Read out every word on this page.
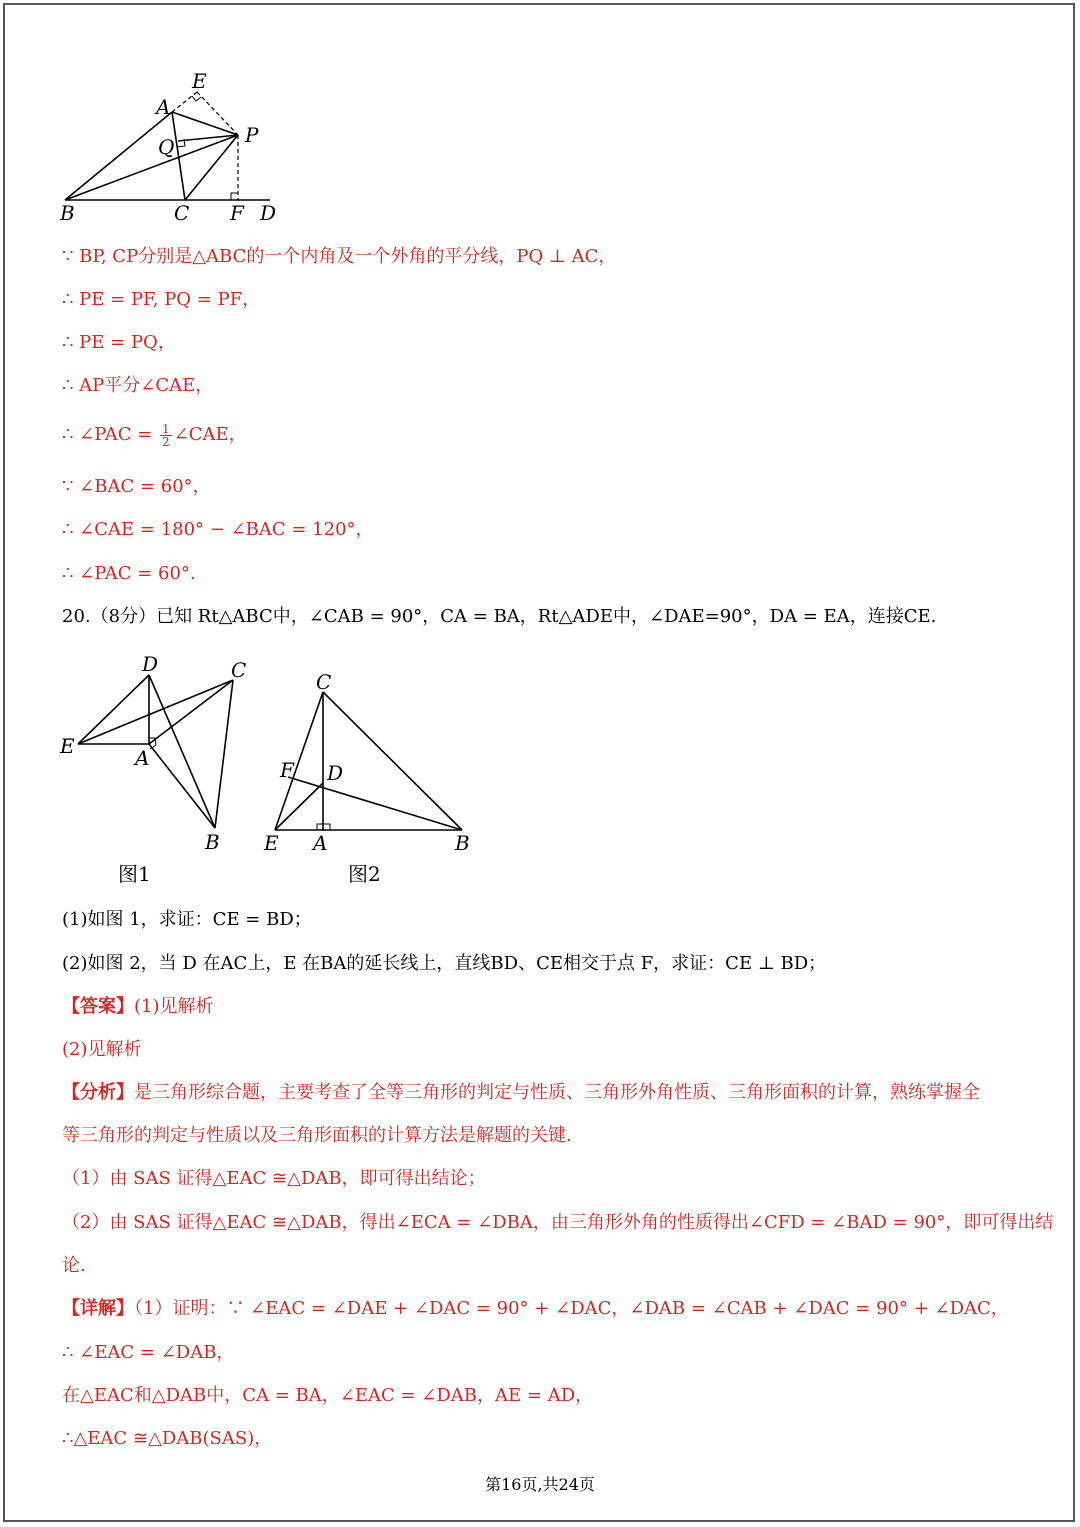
E
A
Q	P
B	C F D
∵ BP, CP分别是△ABC的一个内角及一个外角的平分线，PQ ⊥ AC，
∴ PE = PF, PQ = PF，
∴ PE = PQ，
∴ AP平分∠CAE，
∴ ∠PAC = $\frac{1}{2}$ ∠CAE，
∵ ∠BAC = 60°，
∴ ∠CAE = 180° − ∠BAC = 120°，
∴ ∠PAC = 60°.
20.（8分）已知 Rt△ABC中，∠CAB = 90°，CA = BA，Rt△ADE中，∠DAE=90°，DA = EA，连接CE.
D	C
E	A
B
图1
C
F D
E A	B
图2
(1)如图 1，求证：CE = BD；
(2)如图 2，当 D 在AC上，E 在BA的延长线上，直线BD、CE相交于点 F，求证：CE ⊥ BD；
【答案】(1)见解析
(2)见解析
【分析】是三角形综合题，主要考查了全等三角形的判定与性质、三角形外角性质、三角形面积的计算，熟练掌握全
等三角形的判定与性质以及三角形面积的计算方法是解题的关键.
（1）由 SAS 证得△EAC ≅△DAB，即可得出结论；
（2）由 SAS 证得△EAC ≅△DAB，得出∠ECA = ∠DBA，由三角形外角的性质得出∠CFD = ∠BAD = 90°，即可得出结
论.
【详解】（1）证明：∵ ∠EAC = ∠DAE + ∠DAC = 90° + ∠DAC，∠DAB = ∠CAB + ∠DAC = 90° + ∠DAC，
∴ ∠EAC = ∠DAB，
在△EAC和△DAB中，CA = BA，∠EAC = ∠DAB，AE = AD，
∴△EAC ≅△DAB(SAS)，
第16页,共24页
